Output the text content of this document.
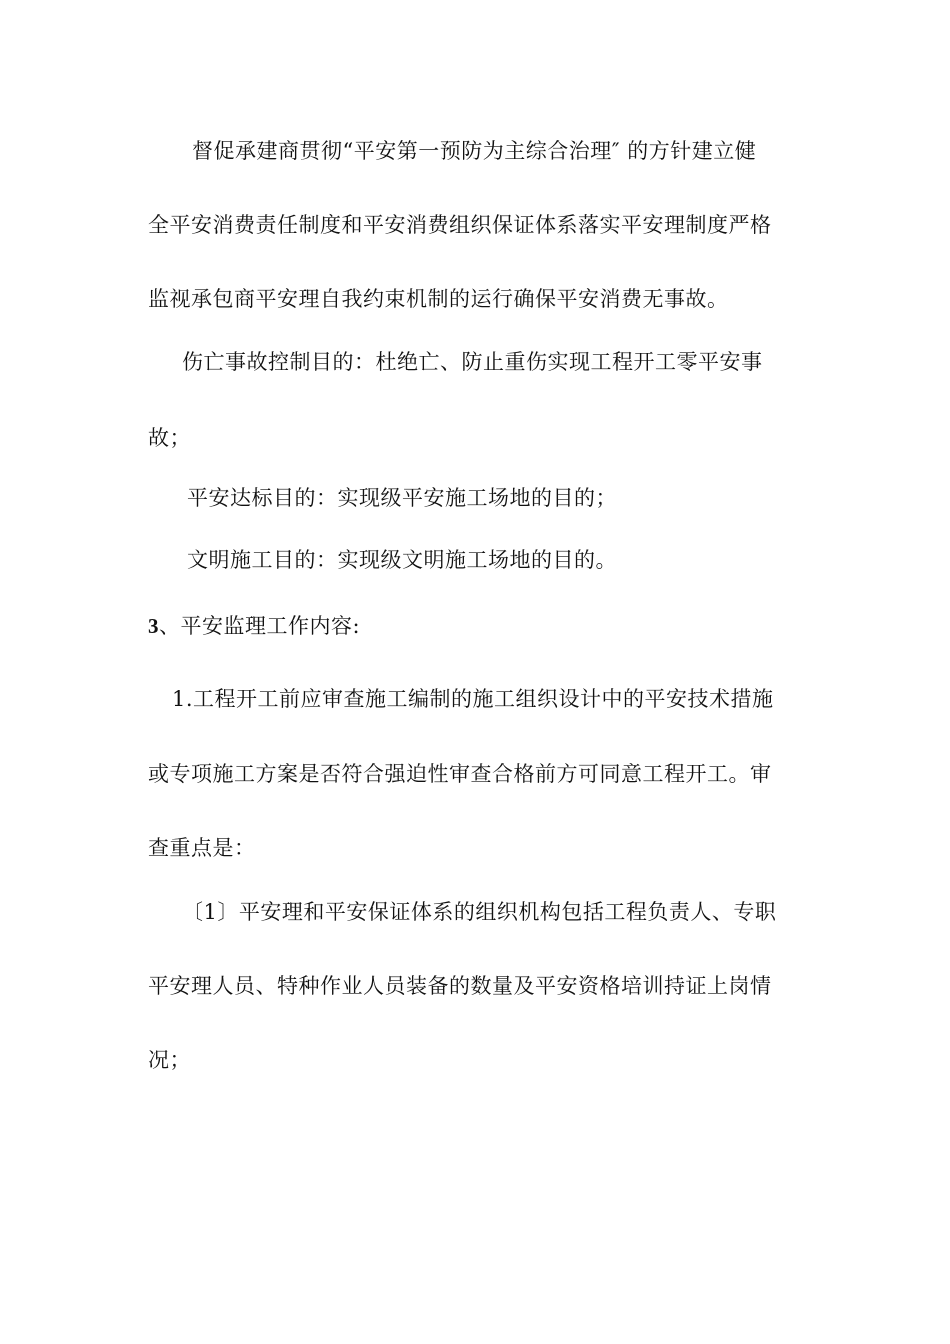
督促承建商贯彻“平安第一预防为主综合治理″ 的方针建立健
全平安消费责任制度和平安消费组织保证体系落实平安理制度严格
监视承包商平安理自我约束机制的运行确保平安消费无事故。
伤亡事故控制目的：杜绝亡、防止重伤实现工程开工零平安事
故；
平安达标目的：实现级平安施工场地的目的；
文明施工目的：实现级文明施工场地的目的。
3、平安监理工作内容:
1.工程开工前应审查施工编制的施工组织设计中的平安技术措施
或专项施工方案是否符合强迫性审查合格前方可同意工程开工。审
查重点是：
〔1〕平安理和平安保证体系的组织机构包括工程负责人、专职
平安理人员、特种作业人员装备的数量及平安资格培训持证上岗情
况；
